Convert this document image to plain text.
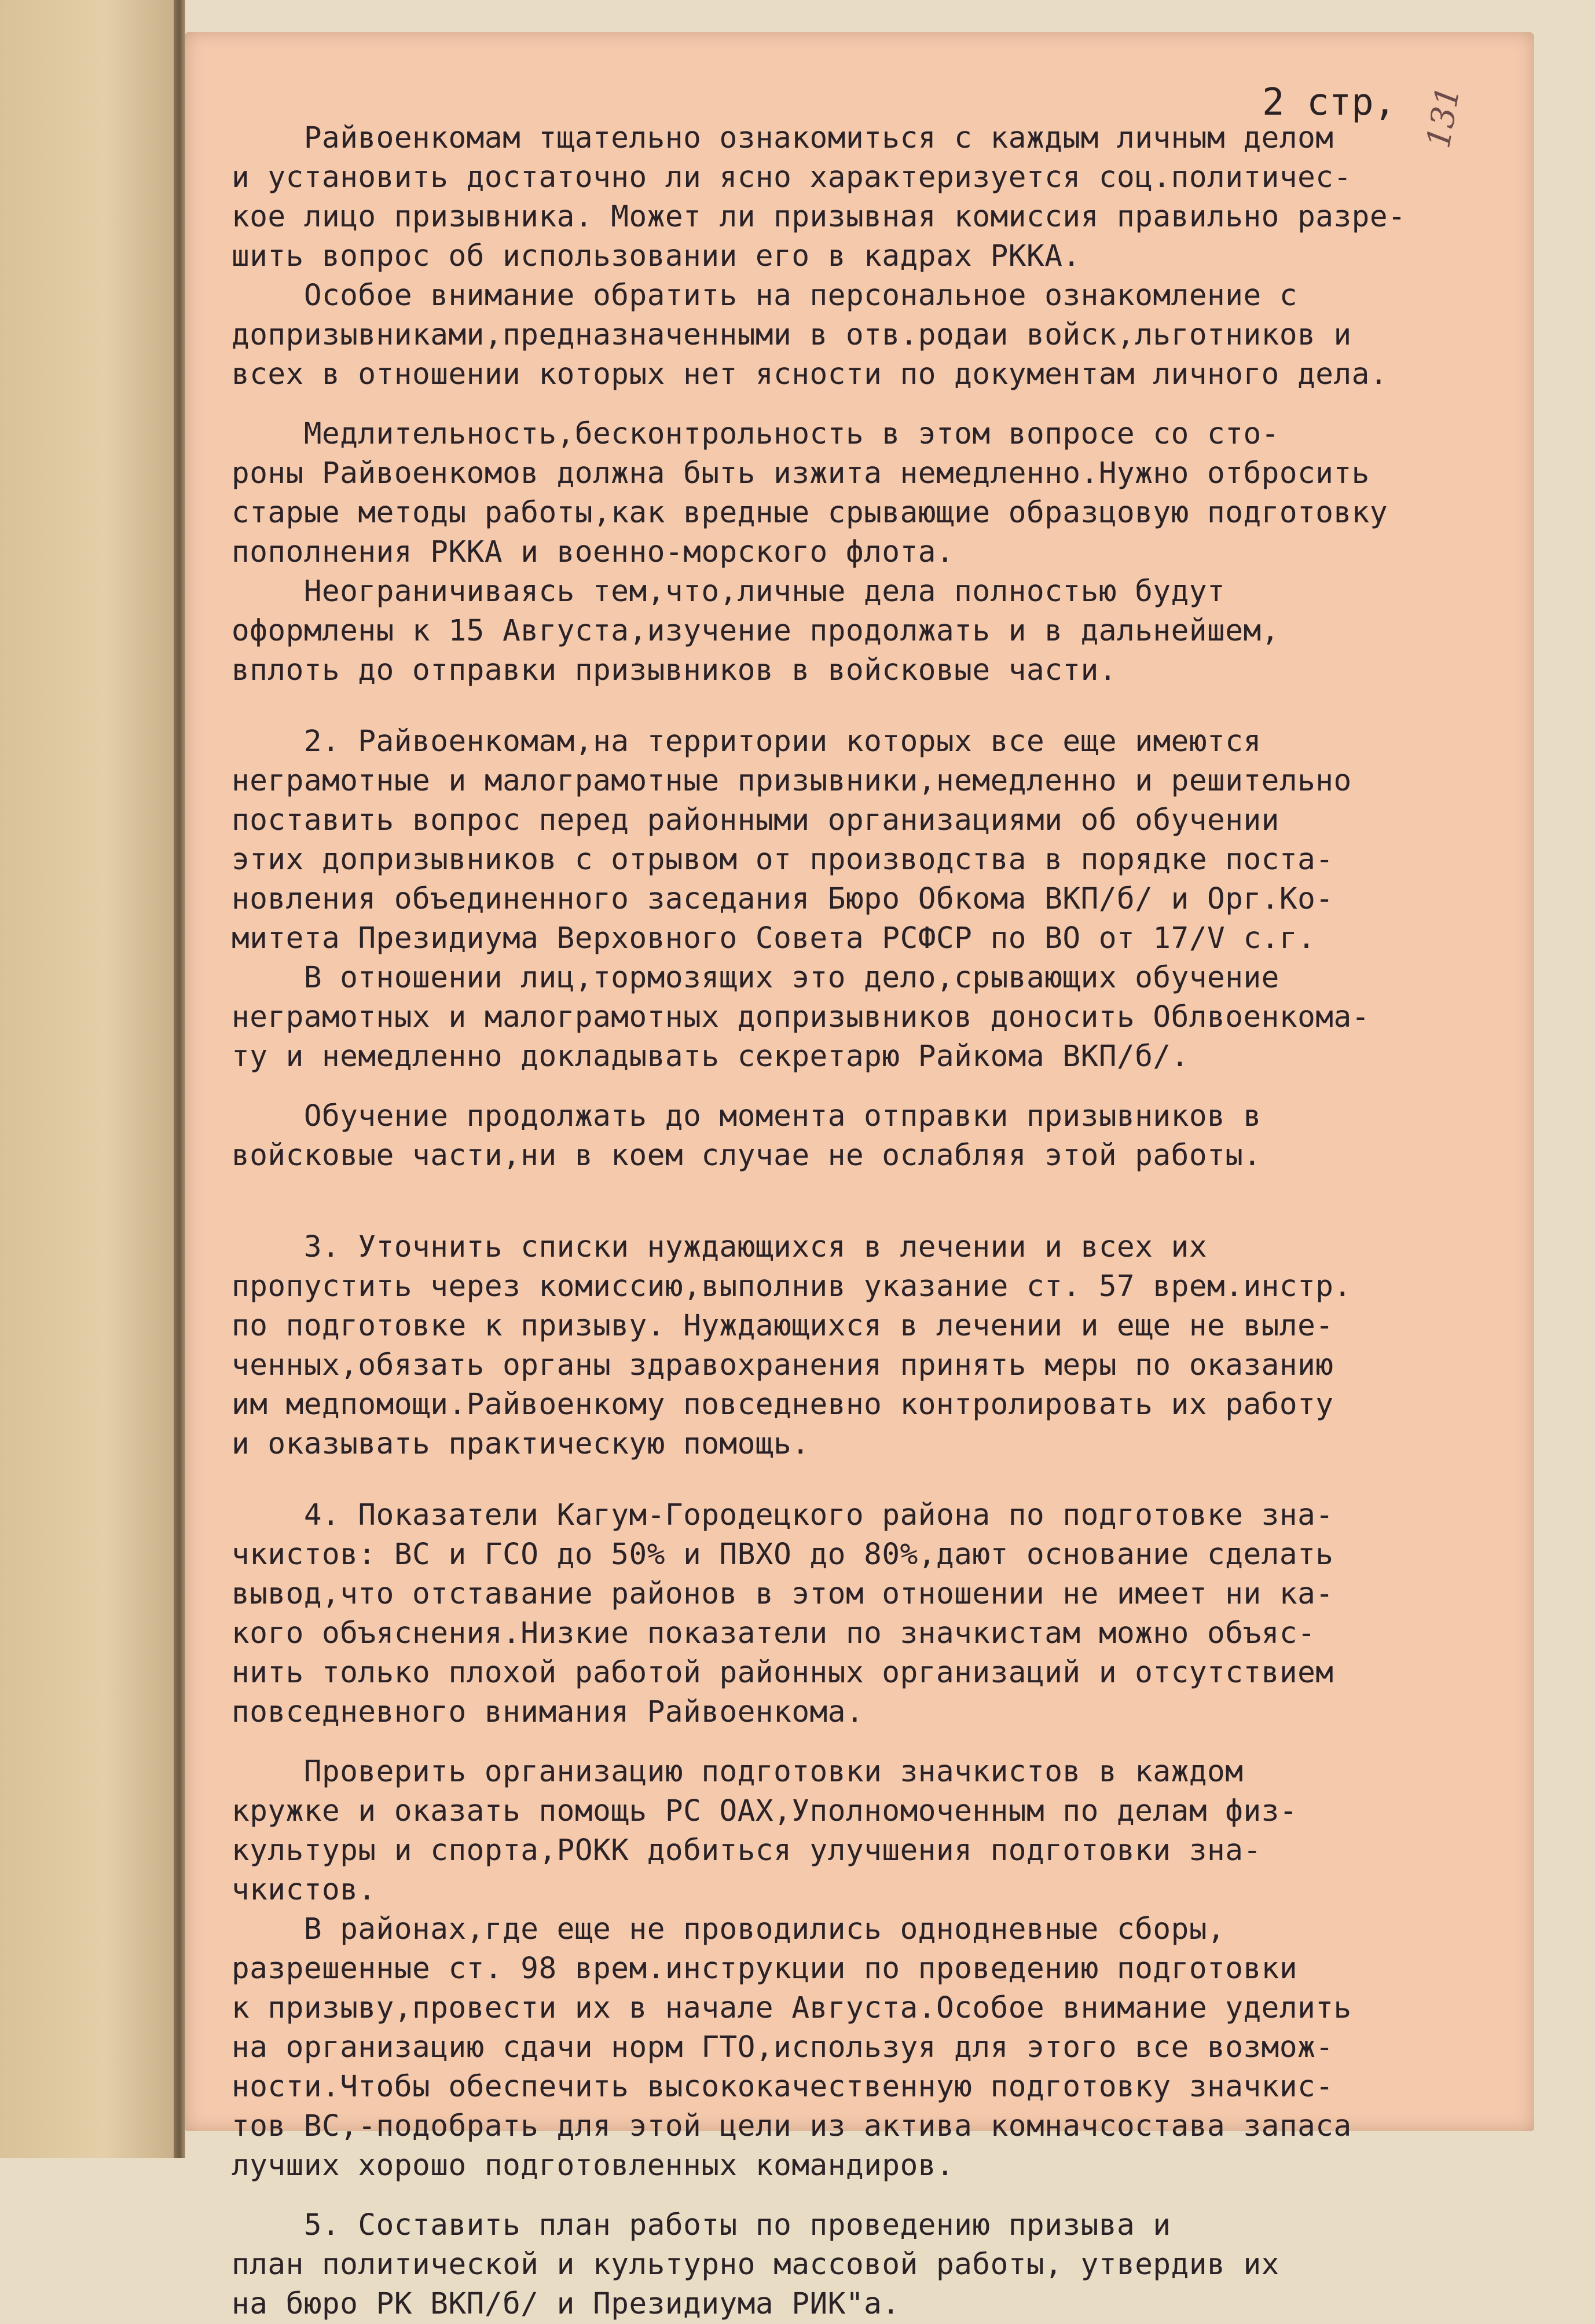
2 стр, 131
Райвоенкомам тщательно ознакомиться с каждым личным делом
и установить достаточно ли ясно характеризуется соц.политичес-
кое лицо призывника. Может ли призывная комиссия правильно разре-
шить вопрос об использовании его в кадрах РККА.
Особое внимание обратить на персональное ознакомление с
допризывниками,предназначенными в отв.родаи войск,льготников и
всех в отношении которых нет ясности по документам личного дела.
Медлительность,бесконтрольность в этом вопросе со сто-
роны Райвоенкомов должна быть изжита немедленно.Нужно отбросить
старые методы работы,как вредные срывающие образцовую подготовку
пополнения РККА и военно-морского флота.
Неограничиваясь тем,что,личные дела полностью будут
оформлены к 15 Августа,изучение продолжать и в дальнейшем,
вплоть до отправки призывников в войсковые части.
2. Райвоенкомам,на территории которых все еще имеются
неграмотные и малограмотные призывники,немедленно и решительно
поставить вопрос перед районными организациями об обучении
этих допризывников с отрывом от производства в порядке поста-
новления объединенного заседания Бюро Обкома ВКП/б/ и Орг.Ко-
митета Президиума Верховного Совета РСФСР по ВО от 17/V с.г.
В отношении лиц,тормозящих это дело,срывающих обучение
неграмотных и малограмотных допризывников доносить Облвоенкома-
ту и немедленно докладывать секретарю Райкома ВКП/б/.
Обучение продолжать до момента отправки призывников в
войсковые части,ни в коем случае не ослабляя этой работы.
3. Уточнить списки нуждающихся в лечении и всех их
пропустить через комиссию,выполнив указание ст. 57 врем.инстр.
по подготовке к призыву. Нуждающихся в лечении и еще не выле-
ченных,обязать органы здравохранения принять меры по оказанию
им медпомощи.Райвоенкому повседневно контролировать их работу
и оказывать практическую помощь.
4. Показатели Кагум-Городецкого района по подготовке зна-
чкистов: ВС и ГСО до 50% и ПВХО до 80%,дают основание сделать
вывод,что отставание районов в этом отношении не имеет ни ка-
кого объяснения.Низкие показатели по значкистам можно объяс-
нить только плохой работой районных организаций и отсутствием
повседневного внимания Райвоенкома.
Проверить организацию подготовки значкистов в каждом
кружке и оказать помощь РС ОАХ,Уполномоченным по делам физ-
культуры и спорта,РОКК добиться улучшения подготовки зна-
чкистов.
В районах,где еще не проводились однодневные сборы,
разрешенные ст. 98 врем.инструкции по проведению подготовки
к призыву,провести их в начале Августа.Особое внимание уделить
на организацию сдачи норм ГТО,используя для этого все возмож-
ности.Чтобы обеспечить высококачественную подготовку значкис-
тов ВС,-подобрать для этой цели из актива комначсостава запаса
лучших хорошо подготовленных командиров.
5. Составить план работы по проведению призыва и
план политической и культурно массовой работы, утвердив их
на бюро РК ВКП/б/ и Президиума РИК"а.
